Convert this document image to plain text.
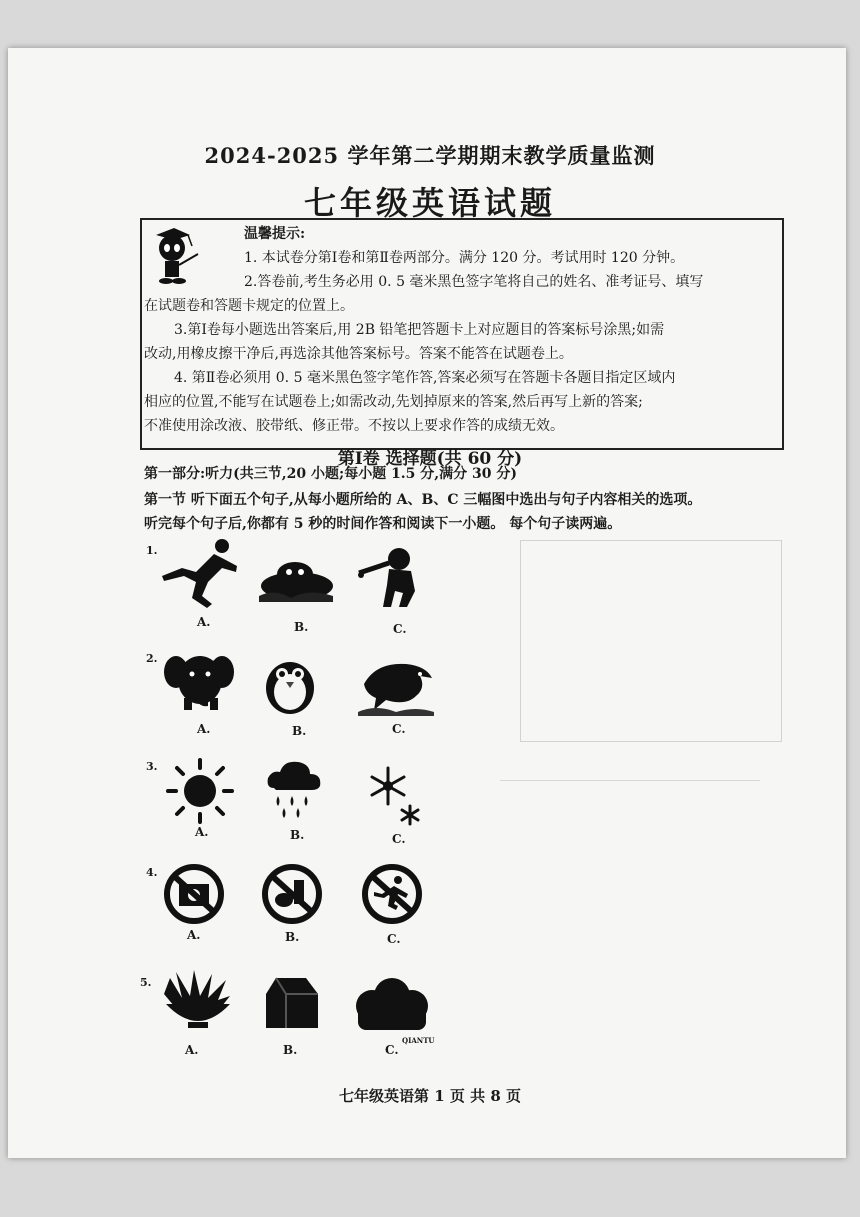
2024-2025 学年第二学期期末教学质量监测
七年级英语试题
温馨提示:
1. 本试卷分第Ⅰ卷和第Ⅱ卷两部分。满分 120 分。考试用时 120 分钟。
2.答卷前,考生务必用 0. 5 毫米黑色签字笔将自己的姓名、准考证号、填写
在试题卷和答题卡规定的位置上。
3.第Ⅰ卷每小题选出答案后,用 2B 铅笔把答题卡上对应题目的答案标号涂黑;如需
改动,用橡皮擦干净后,再选涂其他答案标号。答案不能答在试题卷上。
4. 第Ⅱ卷必须用 0. 5 毫米黑色签字笔作答,答案必须写在答题卡各题目指定区域内
相应的位置,不能写在试题卷上;如需改动,先划掉原来的答案,然后再写上新的答案;
不准使用涂改液、胶带纸、修正带。不按以上要求作答的成绩无效。
第Ⅰ卷 选择题(共 60 分)
第一部分:听力(共三节,20 小题;每小题 1.5 分,满分 30 分)
第一节 听下面五个句子,从每小题所给的 A、B、C 三幅图中选出与句子内容相关的选项。
听完每个句子后,你都有 5 秒的时间作答和阅读下一小题。 每个句子读两遍。
1.
A.	B.	C.
2.
A.	B.	C.
3.
A.	B.	C.
4.
A.	B.	C.
5.
QIANTU
A.	B.	C.
七年级英语第 1 页 共 8 页
